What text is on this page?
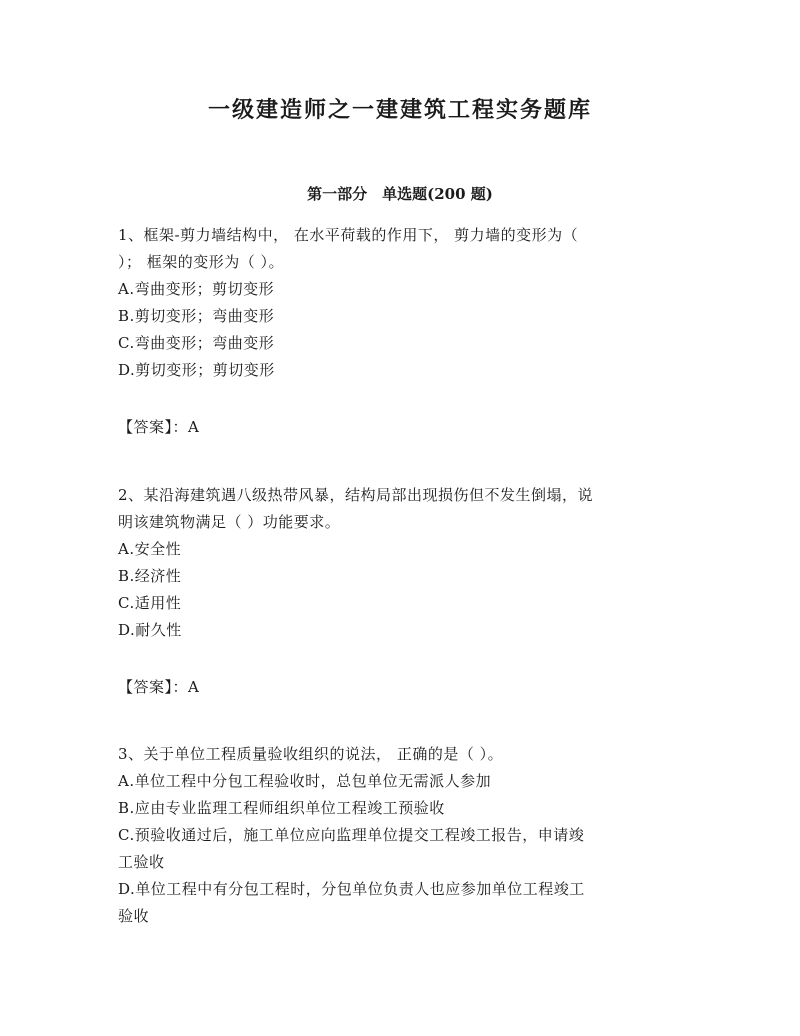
一级建造师之一建建筑工程实务题库
第一部分　单选题(200 题)
1、框架-剪力墙结构中， 在水平荷载的作用下， 剪力墙的变形为（
）； 框架的变形为（ ）。
A.弯曲变形；剪切变形
B.剪切变形；弯曲变形
C.弯曲变形；弯曲变形
D.剪切变形；剪切变形
【答案】：A
2、某沿海建筑遇八级热带风暴，结构局部出现损伤但不发生倒塌，说
明该建筑物满足（ ）功能要求。
A.安全性
B.经济性
C.适用性
D.耐久性
【答案】：A
3、关于单位工程质量验收组织的说法， 正确的是（ ）。
A.单位工程中分包工程验收时，总包单位无需派人参加
B.应由专业监理工程师组织单位工程竣工预验收
C.预验收通过后，施工单位应向监理单位提交工程竣工报告，申请竣
工验收
D.单位工程中有分包工程时，分包单位负责人也应参加单位工程竣工
验收
